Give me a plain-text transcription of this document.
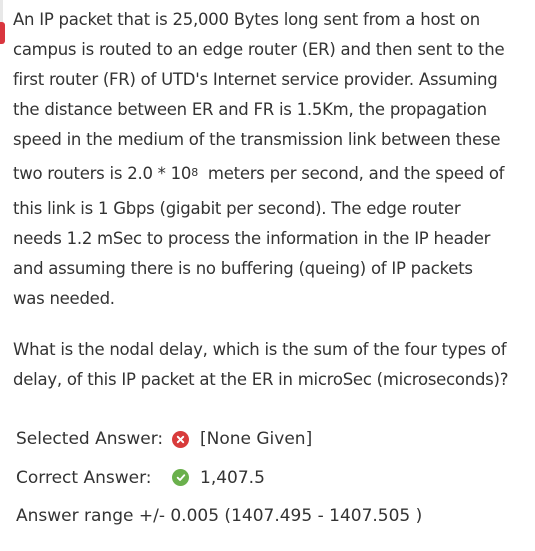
An IP packet that is 25,000 Bytes long sent from a host on
campus is routed to an edge router (ER) and then sent to the
first router (FR) of UTD's Internet service provider. Assuming
the distance between ER and FR is 1.5Km, the propagation
speed in the medium of the transmission link between these
two routers is $2.0 * 10^8$  meters per second, and the speed of
this link is 1 Gbps (gigabit per second). The edge router
needs 1.2 mSec to process the information in the IP header
and assuming there is no buffering (queing) of IP packets
was needed.

What is the nodal delay, which is the sum of the four types of
delay, of this IP packet at the ER in microSec (microseconds)?
Selected Answer:	[None Given]
Correct Answer:	1,407.5
Answer range +/- 0.005 (1407.495 - 1407.505 )
